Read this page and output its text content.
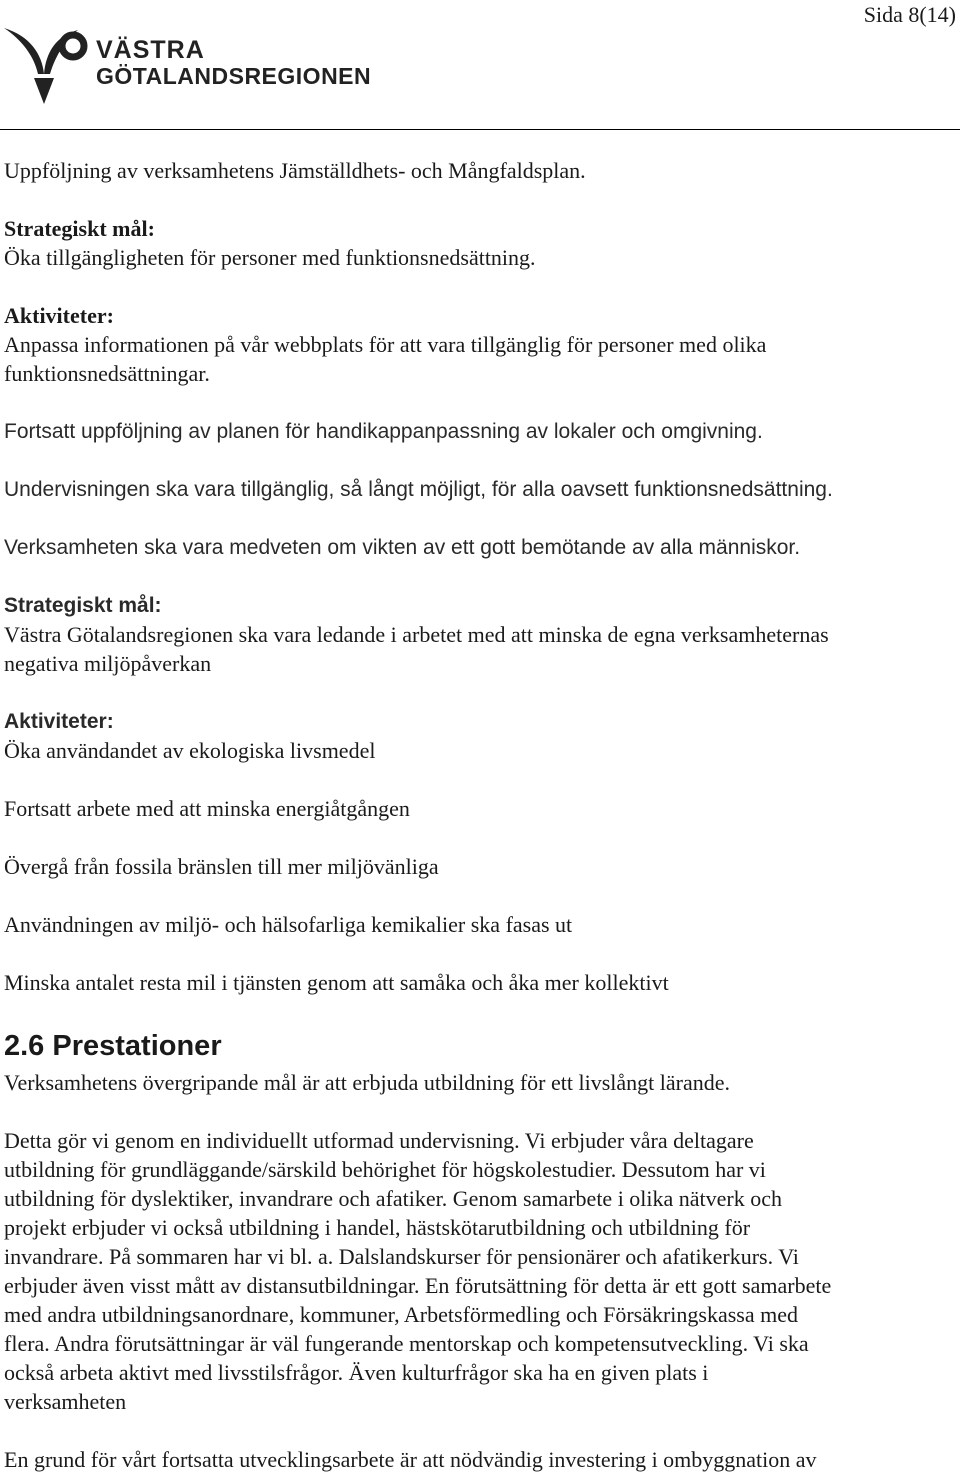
Sida 8(14)
VÄSTRA
GÖTALANDSREGIONEN

Uppföljning av verksamhetens Jämställdhets- och Mångfaldsplan.

Strategiskt mål:

Öka tillgängligheten för personer med funktionsnedsättning.

Aktiviteter:

Anpassa informationen på vår webbplats för att vara tillgänglig för personer med olika

funktionsnedsättningar.

Fortsatt uppföljning av planen för handikappanpassning av lokaler och omgivning.

Undervisningen ska vara tillgänglig, så långt möjligt, för alla oavsett funktionsnedsättning.

Verksamheten ska vara medveten om vikten av ett gott bemötande av alla människor.

Strategiskt mål:

Västra Götalandsregionen ska vara ledande i arbetet med att minska de egna verksamheternas

negativa miljöpåverkan

Aktiviteter:

Öka användandet av ekologiska livsmedel

Fortsatt arbete med att minska energiåtgången

Övergå från fossila bränslen till mer miljövänliga

Användningen av miljö- och hälsofarliga kemikalier ska fasas ut

Minska antalet resta mil i tjänsten genom att samåka och åka mer kollektivt

2.6 Prestationer

Verksamhetens övergripande mål är att erbjuda utbildning för ett livslångt lärande.

Detta gör vi genom en individuellt utformad undervisning. Vi erbjuder våra deltagare

utbildning för grundläggande/särskild behörighet för högskolestudier. Dessutom har vi

utbildning för dyslektiker, invandrare och afatiker. Genom samarbete i olika nätverk och

projekt erbjuder vi också utbildning i handel, hästskötarutbildning och utbildning för

invandrare. På sommaren har vi bl. a. Dalslandskurser för pensionärer och afatikerkurs. Vi

erbjuder även visst mått av distansutbildningar. En förutsättning för detta är ett gott samarbete

med andra utbildningsanordnare, kommuner, Arbetsförmedling och Försäkringskassa med

flera. Andra förutsättningar är väl fungerande mentorskap och kompetensutveckling. Vi ska

också arbeta aktivt med livsstilsfrågor. Även kulturfrågor ska ha en given plats i

verksamheten

En grund för vårt fortsatta utvecklingsarbete är att nödvändig investering i ombyggnation av
